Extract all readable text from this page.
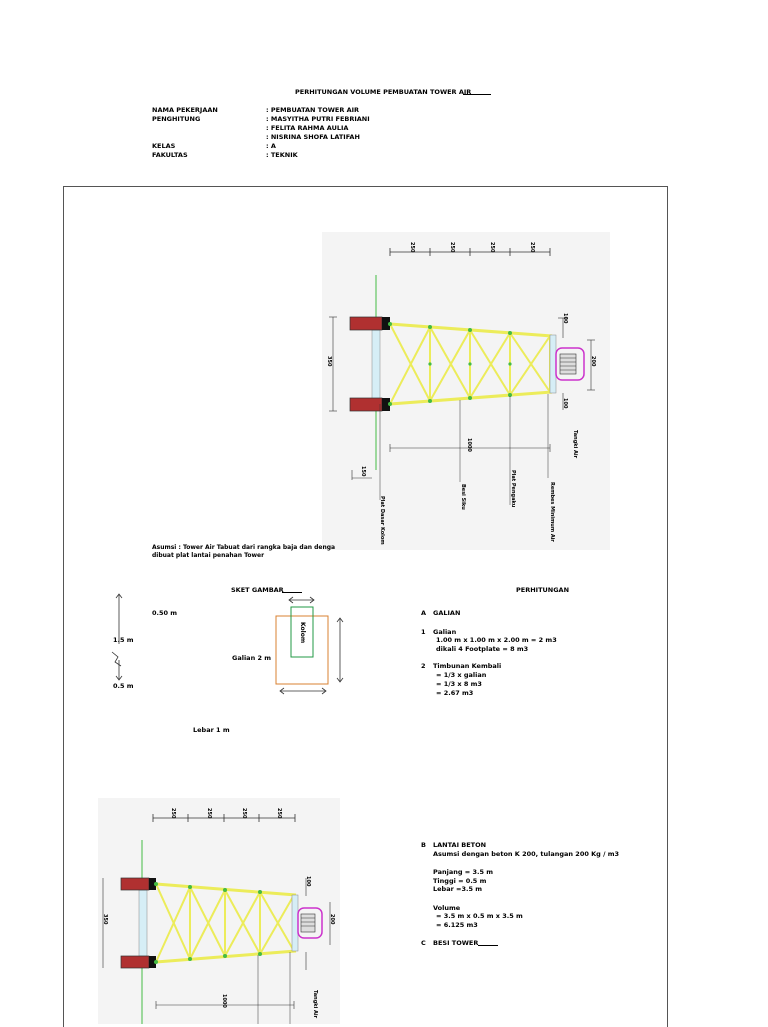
PERHITUNGAN VOLUME PEMBUATAN TOWER AIR
NAMA PEKERJAAN	: PEMBUATAN TOWER AIR
PENGHITUNG	: MASYITHA PUTRI FEBRIANI
: FELITA RAHMA AULIA
: NISRINA SHOFA LATIFAH
KELAS	: A
FAKULTAS	: TEKNIK
250	250	250	250
350
100
200
100
1000
150
Tangki Air
Rembes Minimum Air
Plat Pengaku
Besi Siku
Plat Dasar Kolom
Asumsi : Tower Air Tabuat dari rangka baja dan denga
dibuat plat lantai penahan Tower
SKET GAMBAR
0.50 m
1.5 m
0.5 m
Galian 2 m
Lebar 1 m
Kolom
PERHITUNGAN
A GALIAN
1 Galian
1.00 m x 1.00 m x 2.00 m = 2 m3
dikali 4 Footplate = 8 m3
2 Timbunan Kembali
= 1/3 x galian
= 1/3 x 8 m3
= 2.67 m3
B LANTAI BETON
Asumsi dengan beton K 200, tulangan 200 Kg / m3
Panjang = 3.5 m
Tinggi = 0.5 m
Lebar =3.5 m
Volume
= 3.5 m x 0.5 m x 3.5 m
= 6.125 m3
C BESI TOWER
250	250	250	250
350
1000
100
200
Tangki Air
